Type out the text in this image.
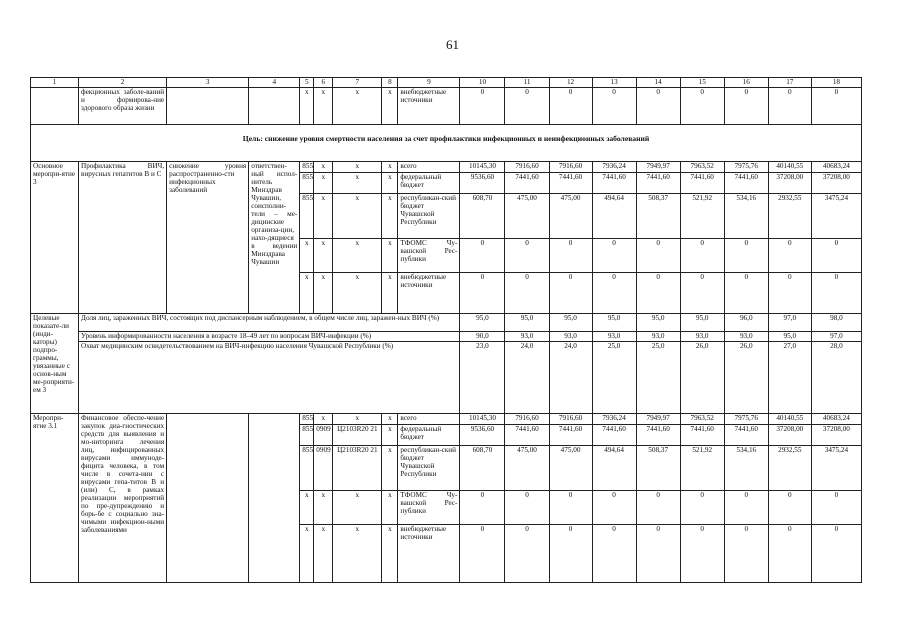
61
1	2	3	4	5	6	7	8	9	10	11	12	13	14	15	16	17	18
	фекционных заболе-ваний и формирова-ние здорового образа жизни			x	x	x	x	внебюджетные источники	0	0	0	0	0	0	0	0	0
Цель: снижение уровня смертности населения за счет профилактики инфекционных и неинфекционных заболеваний																	
Основное меропри-ятие 3	Профилактика ВИЧ, вирусных гепатитов В и С	снижение уровня распространенно-сти инфекционных заболеваний	ответствен-ный испол-нитель Минздрав Чувашии, соисполни-тели – ме-дицинские организа-ции, нахо-дящиеся в ведении Минздрава Чувашии	855	x	x	x	всего	10145,30	7916,60	7916,60	7936,24	7949,97	7963,52	7975,76	40140,55	40683,24
				855	x	x	x	федеральный бюджет	9536,60	7441,60	7441,60	7441,60	7441,60	7441,60	7441,60	37208,00	37208,00
				855	x	x	x	республикан-ский бюджет Чувашской Республики	608,70	475,00	475,00	494,64	508,37	521,92	534,16	2932,55	3475,24
				x	x	x	x	ТФОМС Чу-вашской Рес-публики	0	0	0	0	0	0	0	0	0
				x	x	x	x	внебюджетные источники	0	0	0	0	0	0	0	0	0
Целевые показате-ли (инди-каторы) подпро-граммы, увязанные с основ-ным ме-роприяти-ем 3	Доля лиц, зараженных ВИЧ, состоящих под диспансерным наблюдением, в общем числе лиц, заражен-ных ВИЧ (%)								95,0	95,0	95,0	95,0	95,0	95,0	96,0	97,0	98,0
	Уровень информированности населения в возрасте 18–49 лет по вопросам ВИЧ-инфекции (%)								90,0	93,0	93,0	93,0	93,0	93,0	93,0	95,0	97,0
	Охват медицинским освидетельствованием на ВИЧ-инфекцию населения Чувашской Республики (%)								23,0	24,0	24,0	25,0	25,0	26,0	26,0	27,0	28,0
Меропри-ятие 3.1	Финансовое обеспе-чение закупок диа-гностических средств для выявления и мо-ниторинга лечения лиц, инфицированных вирусами иммуноде-фицита человека, в том числе в сочета-нии с вирусами гепа-титов В и (или) С, в рамках реализации мероприятий по пре-дупреждению и борь-бе с социально зна-чимыми инфекцион-ными заболеваниями			855	x	x	x	всего	10145,30	7916,60	7916,60	7936,24	7949,97	7963,52	7975,76	40140,55	40683,24
				855	0909	Ц2103R20 21	x	федеральный бюджет	9536,60	7441,60	7441,60	7441,60	7441,60	7441,60	7441,60	37208,00	37208,00
				855	0909	Ц2103R20 21	x	республикан-ский бюджет Чувашской Республики	608,70	475,00	475,00	494,64	508,37	521,92	534,16	2932,55	3475,24
				x	x	x	x	ТФОМС Чу-вашской Рес-публики	0	0	0	0	0	0	0	0	0
				x	x	x	x	внебюджетные источники	0	0	0	0	0	0	0	0	0
